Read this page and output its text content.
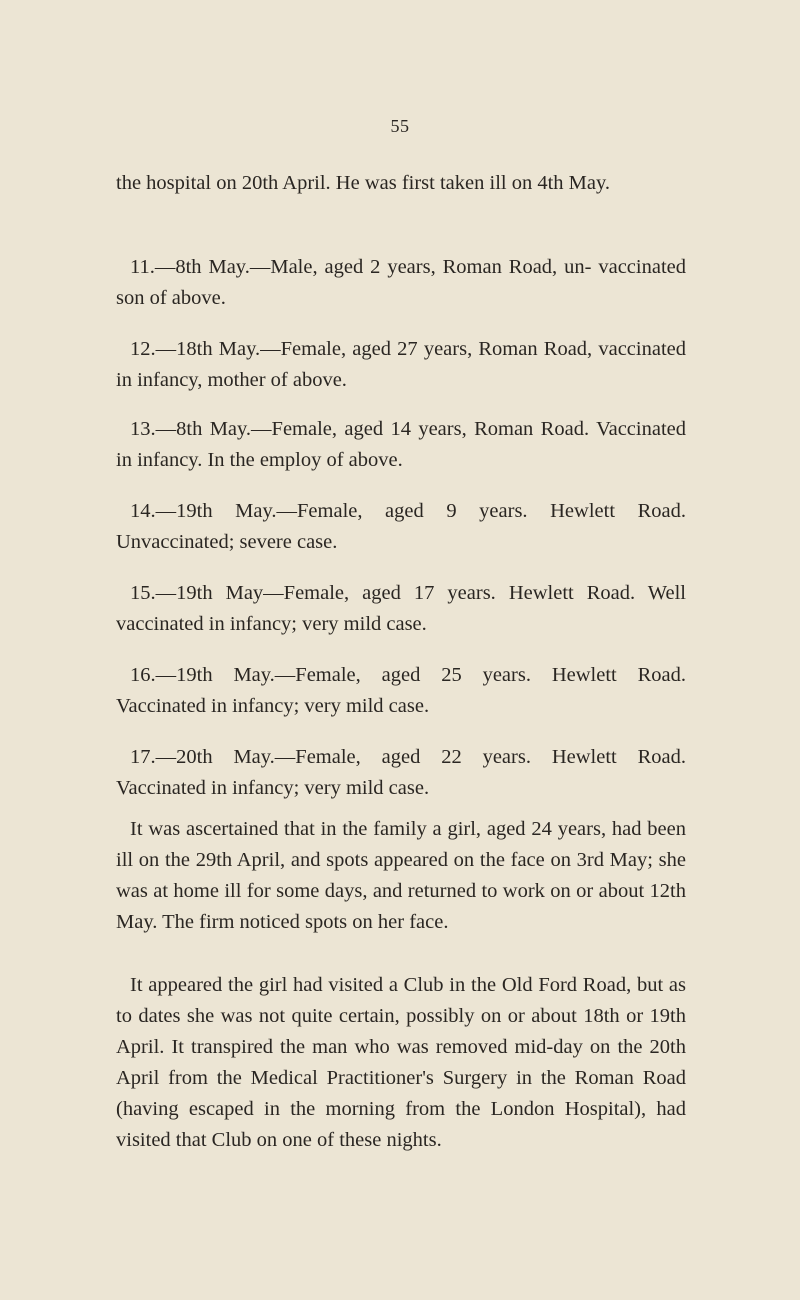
55

the hospital on 20th April. He was first taken ill on 4th May.

11.—8th May.—Male, aged 2 years, Roman Road, un- vaccinated son of above.

12.—18th May.—Female, aged 27 years, Roman Road, vaccinated in infancy, mother of above.

13.—8th May.—Female, aged 14 years, Roman Road. Vaccinated in infancy. In the employ of above.

14.—19th May.—Female, aged 9 years. Hewlett Road. Unvaccinated; severe case.

15.—19th May—Female, aged 17 years. Hewlett Road. Well vaccinated in infancy; very mild case.

16.—19th May.—Female, aged 25 years. Hewlett Road. Vaccinated in infancy; very mild case.

17.—20th May.—Female, aged 22 years. Hewlett Road. Vaccinated in infancy; very mild case.

It was ascertained that in the family a girl, aged 24 years, had been ill on the 29th April, and spots appeared on the face on 3rd May; she was at home ill for some days, and returned to work on or about 12th May. The firm noticed spots on her face.

It appeared the girl had visited a Club in the Old Ford Road, but as to dates she was not quite certain, possibly on or about 18th or 19th April. It transpired the man who was removed mid-day on the 20th April from the Medical Practitioner's Surgery in the Roman Road (having escaped in the morning from the London Hospital), had visited that Club on one of these nights.
